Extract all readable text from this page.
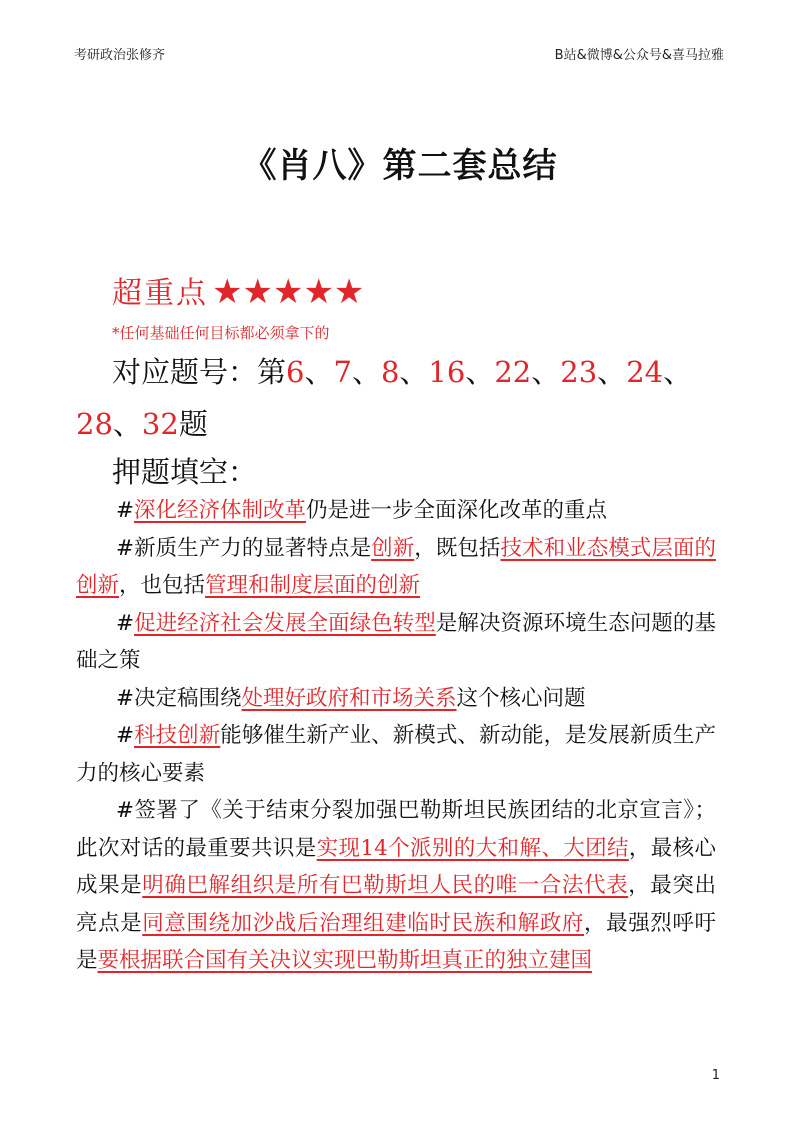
考研政治张修齐	B站&微博&公众号&喜马拉雅
《肖八》第二套总结
超重点 ★★★★★
*任何基础任何目标都必须拿下的
对应题号：第6、7、8、16、22、23、24、28、32题
押题填空：

#深化经济体制改革仍是进一步全面深化改革的重点

#新质生产力的显著特点是创新，既包括技术和业态模式层面的创新，也包括管理和制度层面的创新

#促进经济社会发展全面绿色转型是解决资源环境生态问题的基础之策

#决定稿围绕处理好政府和市场关系这个核心问题

#科技创新能够催生新产业、新模式、新动能，是发展新质生产力的核心要素

#签署了《关于结束分裂加强巴勒斯坦民族团结的北京宣言》；此次对话的最重要共识是实现14个派别的大和解、大团结，最核心成果是明确巴解组织是所有巴勒斯坦人民的唯一合法代表，最突出亮点是同意围绕加沙战后治理组建临时民族和解政府，最强烈呼吁是要根据联合国有关决议实现巴勒斯坦真正的独立建国

1
